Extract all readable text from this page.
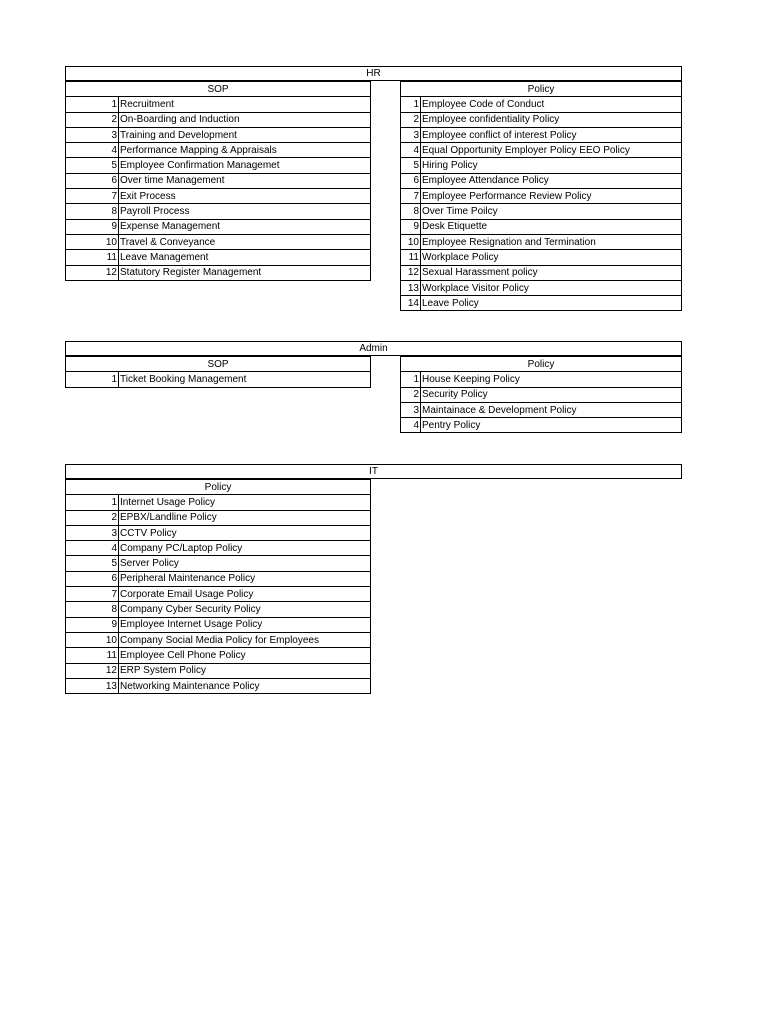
HR
SOP	
1	Recruitment
2	On-Boarding and Induction
3	Training and Development
4	Performance Mapping & Appraisals
5	Employee Confirmation Managemet
6	Over time Management
7	Exit Process
8	Payroll Process
9	Expense Management
10	Travel & Conveyance
11	Leave Management
12	Statutory Register Management
Policy	
1	Employee Code of Conduct
2	Employee confidentiality Policy
3	Employee conflict of interest Policy
4	Equal Opportunity Employer Policy EEO Policy
5	Hiring Policy
6	Employee Attendance Policy
7	Employee Performance Review Policy
8	Over Time Poilcy
9	Desk Etiquette
10	Employee Resignation and Termination
11	Workplace Policy
12	Sexual Harassment policy
13	Workplace Visitor Policy
14	Leave Policy
Admin
SOP
1	Ticket Booking Management
Policy	
1	House Keeping Policy
2	Security Policy
3	Maintainace & Development Policy
4	Pentry Policy
IT
Policy	
1	Internet Usage Policy
2	EPBX/Landline Policy
3	CCTV Policy
4	Company PC/Laptop Policy
5	Server Policy
6	Peripheral Maintenance Policy
7	Corporate Email Usage Policy
8	Company Cyber Security Policy
9	Employee Internet Usage Policy
10	Company Social Media Policy for Employees
11	Employee Cell Phone Policy
12	ERP System Policy
13	Networking Maintenance Policy
